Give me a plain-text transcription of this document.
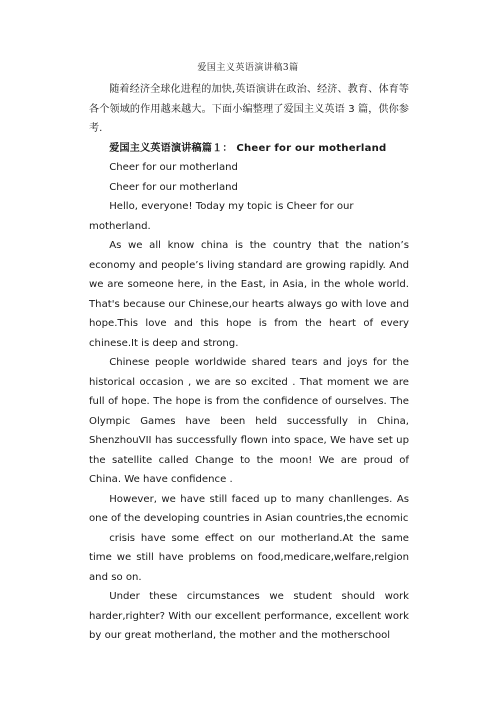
爱国主义英语演讲稿3篇

随着经济全球化进程的加快,英语演讲在政治、经济、教育、体育等各个领域的作用越来越大。下面小编整理了爱国主义英语 3 篇，供你参考.

爱国主义英语演讲稿篇１： Cheer for our motherland

Cheer for our motherland

Cheer for our motherland

Hello, everyone! Today my topic is Cheer for our motherland.

As we all know china is the country that the nation’s economy and people’s living standard are growing rapidly. And we are someone here, in the East, in Asia, in the whole world. That's because our Chinese,our hearts always go with love and hope.This love and this hope is from the heart of every chinese.It is deep and strong.

Chinese people worldwide shared tears and joys for the historical occasion , we are so excited . That moment we are full of hope. The hope is from the confidence of ourselves. The Olympic Games have been held successfully in China, ShenzhouVII has successfully flown into space, We have set up the satellite called Change to the moon! We are proud of China. We have confidence .

However, we have still faced up to many chanllenges. As one of the developing countries in Asian countries,the ecnomic

crisis have some effect on our motherland.At the same time we still have problems on food,medicare,welfare,relgion and so on.

Under these circumstances we student should work harder,righter? With our excellent performance, excellent work by our great motherland, the mother and the motherschool
